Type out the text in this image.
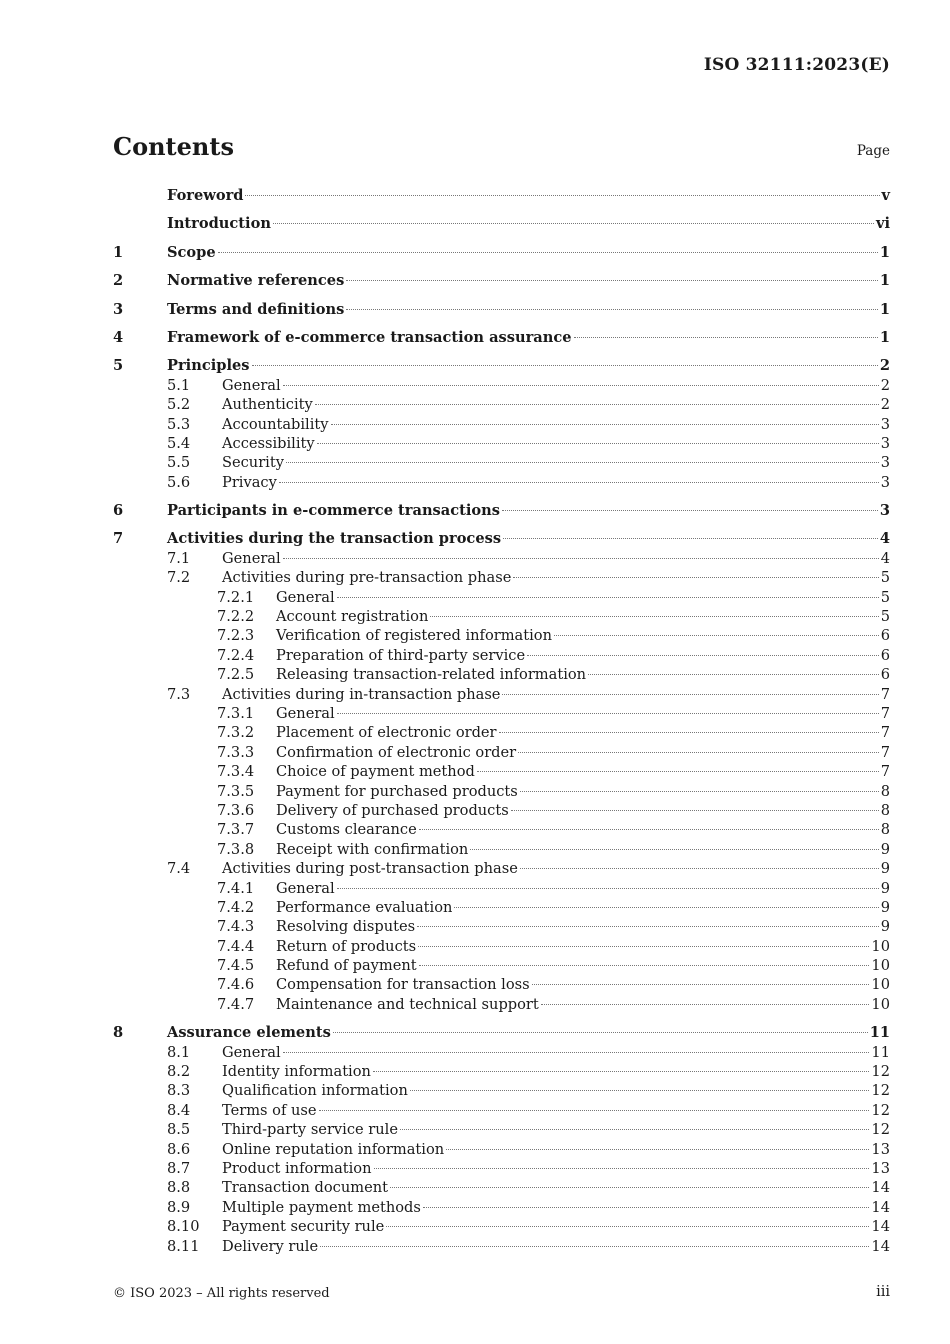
ISO 32111:2023(E)
Contents	Page
Foreword	v
Introduction	vi
1	Scope	1
2	Normative references	1
3	Terms and definitions	1
4	Framework of e-commerce transaction assurance	1
5	Principles	2
5.1	General	2
5.2	Authenticity	2
5.3	Accountability	3
5.4	Accessibility	3
5.5	Security	3
5.6	Privacy	3
6	Participants in e-commerce transactions	3
7	Activities during the transaction process	4
7.1	General	4
7.2	Activities during pre-transaction phase	5
7.2.1	General	5
7.2.2	Account registration	5
7.2.3	Verification of registered information	6
7.2.4	Preparation of third-party service	6
7.2.5	Releasing transaction-related information	6
7.3	Activities during in-transaction phase	7
7.3.1	General	7
7.3.2	Placement of electronic order	7
7.3.3	Confirmation of electronic order	7
7.3.4	Choice of payment method	7
7.3.5	Payment for purchased products	8
7.3.6	Delivery of purchased products	8
7.3.7	Customs clearance	8
7.3.8	Receipt with confirmation	9
7.4	Activities during post-transaction phase	9
7.4.1	General	9
7.4.2	Performance evaluation	9
7.4.3	Resolving disputes	9
7.4.4	Return of products	10
7.4.5	Refund of payment	10
7.4.6	Compensation for transaction loss	10
7.4.7	Maintenance and technical support	10
8	Assurance elements	11
8.1	General	11
8.2	Identity information	12
8.3	Qualification information	12
8.4	Terms of use	12
8.5	Third-party service rule	12
8.6	Online reputation information	13
8.7	Product information	13
8.8	Transaction document	14
8.9	Multiple payment methods	14
8.10	Payment security rule	14
8.11	Delivery rule	14
© ISO 2023 – All rights reserved	iii
